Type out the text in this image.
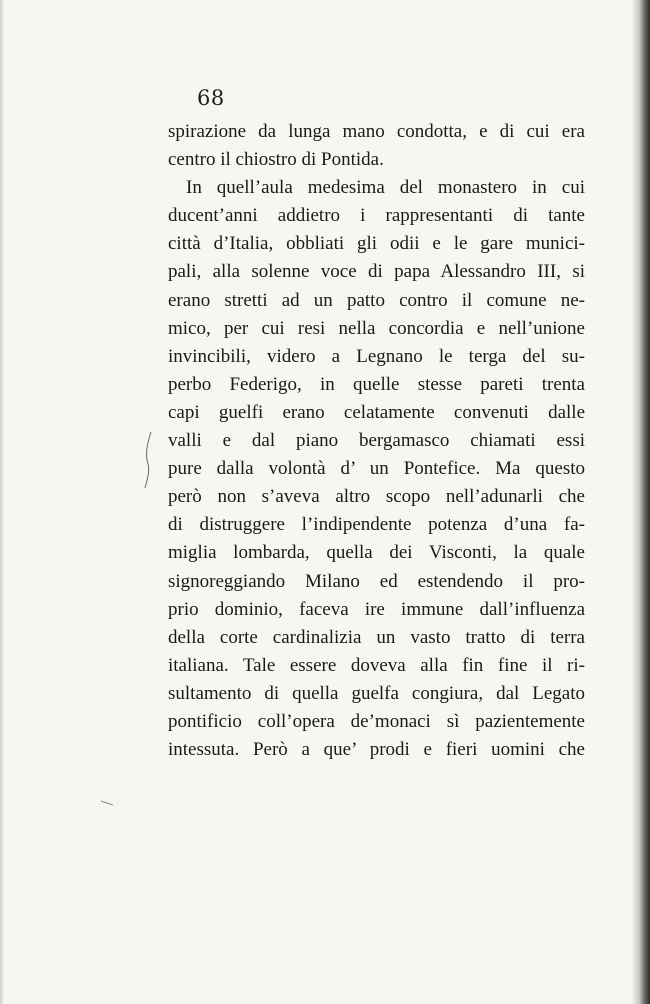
68
spirazione da lunga mano condotta, e di cui era
centro il chiostro di Pontida.
In quell’aula medesima del monastero in cui
ducent’anni addietro i rappresentanti di tante
città d’Italia, obbliati gli odii e le gare munici-
pali, alla solenne voce di papa Alessandro III, si
erano stretti ad un patto contro il comune ne-
mico, per cui resi nella concordia e nell’unione
invincibili, videro a Legnano le terga del su-
perbo Federigo, in quelle stesse pareti trenta
capi guelfi erano celatamente convenuti dalle
valli e dal piano bergamasco chiamati essi
pure dalla volontà d’ un Pontefice. Ma questo
però non s’aveva altro scopo nell’adunarli che
di distruggere l’indipendente potenza d’una fa-
miglia lombarda, quella dei Visconti, la quale
signoreggiando Milano ed estendendo il pro-
prio dominio, faceva ire immune dall’influenza
della corte cardinalizia un vasto tratto di terra
italiana. Tale essere doveva alla fin fine il ri-
sultamento di quella guelfa congiura, dal Legato
pontificio coll’opera de’monaci sì pazientemente
intessuta. Però a que’ prodi e fieri uomini che
